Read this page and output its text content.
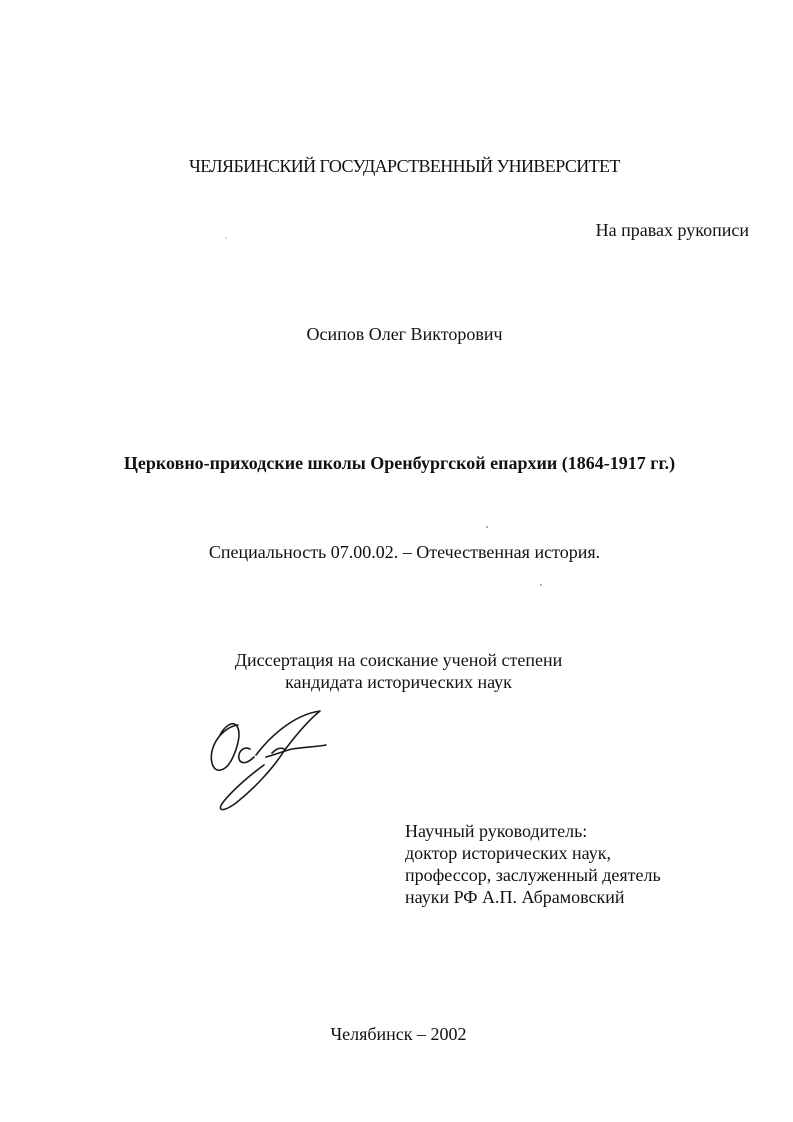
ЧЕЛЯБИНСКИЙ ГОСУДАРСТВЕННЫЙ УНИВЕРСИТЕТ
На правах рукописи
Осипов Олег Викторович
Церковно-приходские школы Оренбургской епархии (1864-1917 гг.)
Специальность 07.00.02. – Отечественная история.
Диссертация на соискание ученой степени
кандидата исторических наук
Научный руководитель:
доктор исторических наук,
профессор, заслуженный деятель
науки РФ А.П. Абрамовский
Челябинск – 2002
